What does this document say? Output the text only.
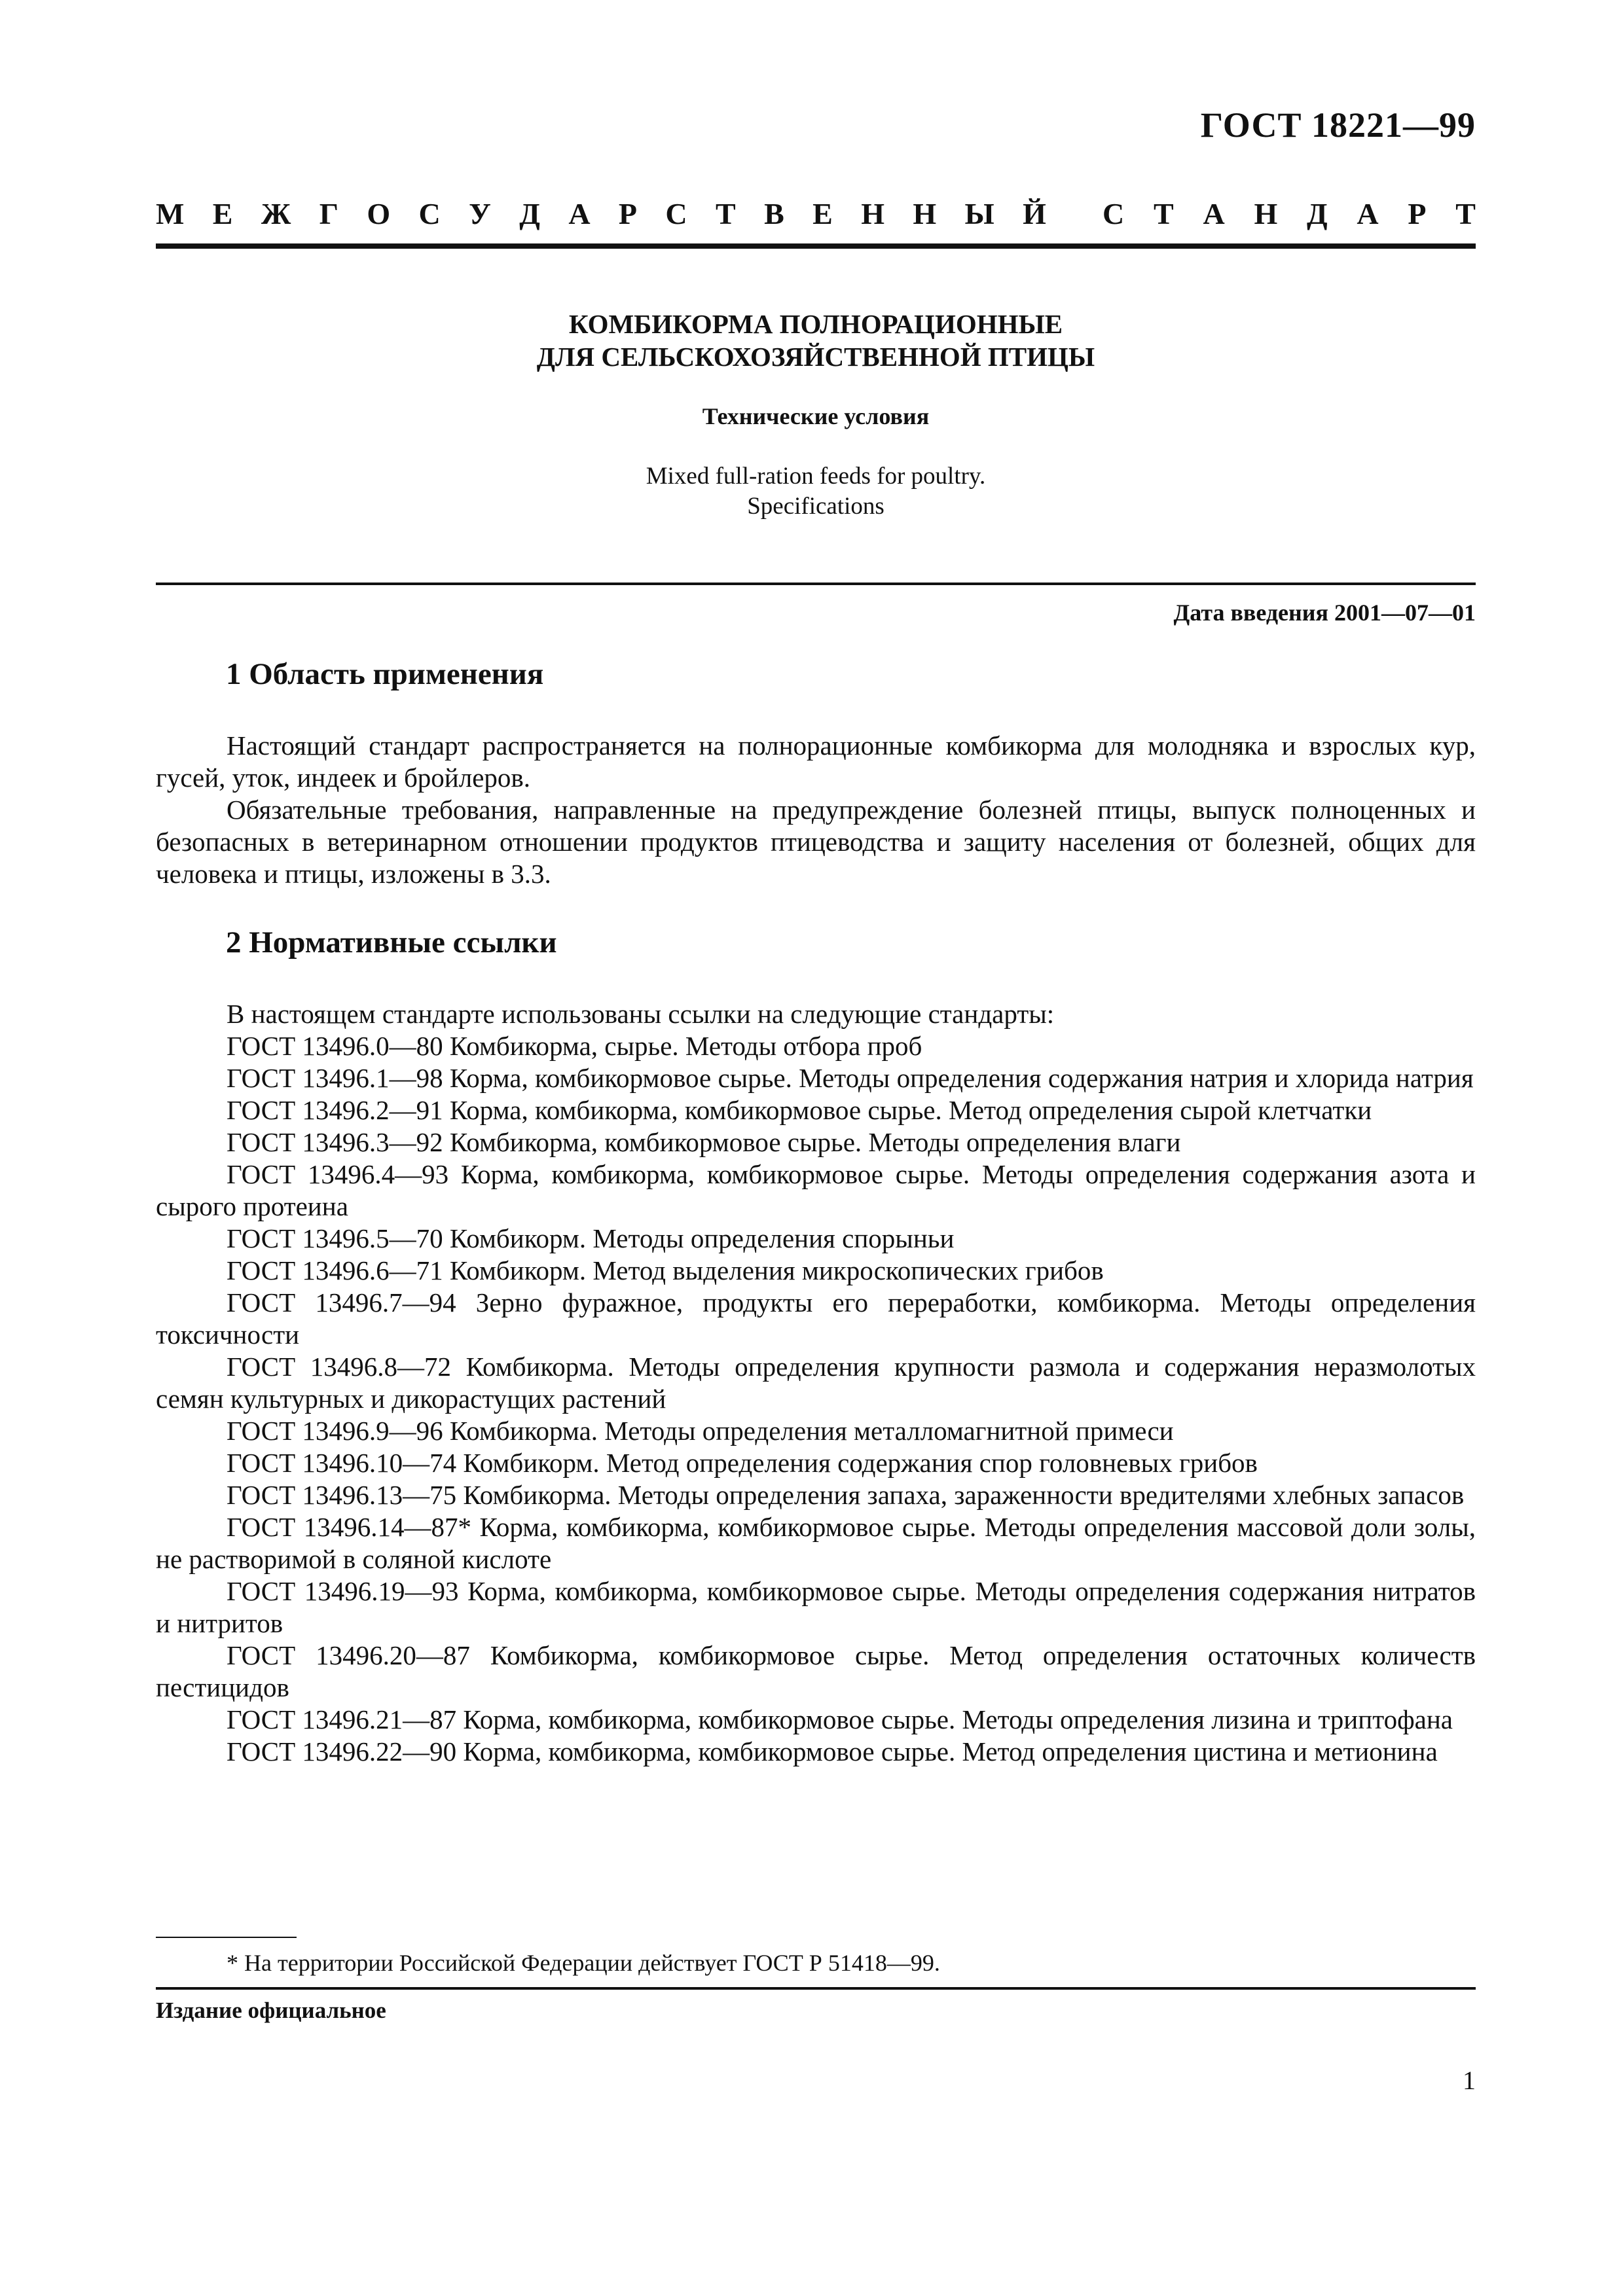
ГОСТ 18221—99
М Е Ж Г О С У Д А Р С Т В Е Н Н Ы Й С Т А Н Д А Р Т
КОМБИКОРМА ПОЛНОРАЦИОННЫЕ
ДЛЯ СЕЛЬСКОХОЗЯЙСТВЕННОЙ ПТИЦЫ
Технические условия
Mixed full-ration feeds for poultry.
Specifications
Дата введения 2001—07—01
1 Область применения

Настоящий стандарт распространяется на полнорационные комбикорма для молодняка и взрослых кур, гусей, уток, индеек и бройлеров.

Обязательные требования, направленные на предупреждение болезней птицы, выпуск полноценных и безопасных в ветеринарном отношении продуктов птицеводства и защиту населения от болезней, общих для человека и птицы, изложены в 3.3.

2 Нормативные ссылки

В настоящем стандарте использованы ссылки на следующие стандарты:

ГОСТ 13496.0—80 Комбикорма, сырье. Методы отбора проб

ГОСТ 13496.1—98 Корма, комбикормовое сырье. Методы определения содержания натрия и хлорида натрия

ГОСТ 13496.2—91 Корма, комбикорма, комбикормовое сырье. Метод определения сырой клетчатки

ГОСТ 13496.3—92 Комбикорма, комбикормовое сырье. Методы определения влаги

ГОСТ 13496.4—93 Корма, комбикорма, комбикормовое сырье. Методы определения содержания азота и сырого протеина

ГОСТ 13496.5—70 Комбикорм. Методы определения спорыньи

ГОСТ 13496.6—71 Комбикорм. Метод выделения микроскопических грибов

ГОСТ 13496.7—94 Зерно фуражное, продукты его переработки, комбикорма. Методы определения токсичности

ГОСТ 13496.8—72 Комбикорма. Методы определения крупности размола и содержания неразмолотых семян культурных и дикорастущих растений

ГОСТ 13496.9—96 Комбикорма. Методы определения металломагнитной примеси

ГОСТ 13496.10—74 Комбикорм. Метод определения содержания спор головневых грибов

ГОСТ 13496.13—75 Комбикорма. Методы определения запаха, зараженности вредителями хлебных запасов

ГОСТ 13496.14—87* Корма, комбикорма, комбикормовое сырье. Методы определения массовой доли золы, не растворимой в соляной кислоте

ГОСТ 13496.19—93 Корма, комбикорма, комбикормовое сырье. Методы определения содержания нитратов и нитритов

ГОСТ 13496.20—87 Комбикорма, комбикормовое сырье. Метод определения остаточных количеств пестицидов

ГОСТ 13496.21—87 Корма, комбикорма, комбикормовое сырье. Методы определения лизина и триптофана

ГОСТ 13496.22—90 Корма, комбикорма, комбикормовое сырье. Метод определения цистина и метионина

* На территории Российской Федерации действует ГОСТ Р 51418—99.
Издание официальное
1
